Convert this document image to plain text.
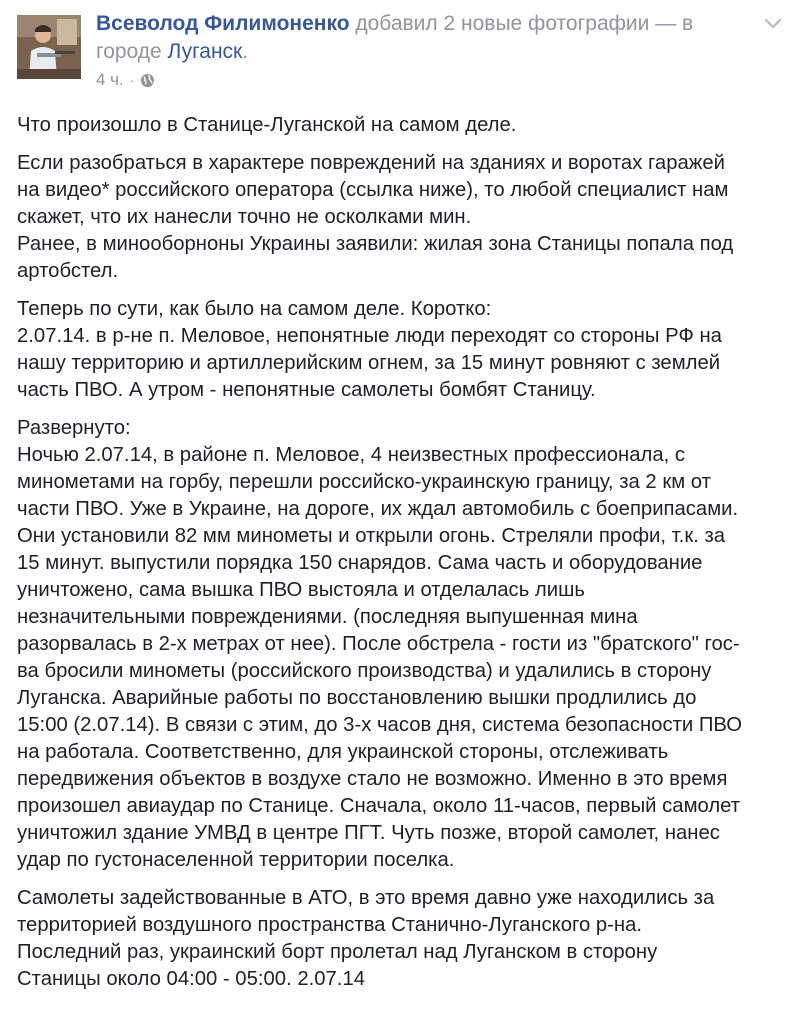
Всеволод Филимоненко добавил 2 новые фотографии — в городе Луганск.
4 ч. ·

Что произошло в Станице-Луганской на самом деле.

Если разобраться в характере повреждений на зданиях и воротах гаражей
на видео* российского оператора (ссылка ниже), то любой специалист нам
скажет, что их нанесли точно не осколками мин.
Ранее, в минооборноны Украины заявили: жилая зона Станицы попала под
артобстел.

Теперь по сути, как было на самом деле. Коротко:
2.07.14. в р-не п. Меловое, непонятные люди переходят со стороны РФ на
нашу территорию и артиллерийским огнем, за 15 минут ровняют с землей
часть ПВО. А утром - непонятные самолеты бомбят Станицу.

Развернуто:
Ночью 2.07.14, в районе п. Меловое, 4 неизвестных профессионала, с
минометами на горбу, перешли российско-украинскую границу, за 2 км от
части ПВО. Уже в Украине, на дороге, их ждал автомобиль с боеприпасами.
Они установили 82 мм минометы и открыли огонь. Стреляли профи, т.к. за
15 минут. выпустили порядка 150 снарядов. Сама часть и оборудование
уничтожено, сама вышка ПВО выстояла и отделалась лишь
незначительными повреждениями. (последняя выпушенная мина
разорвалась в 2-х метрах от нее). После обстрела - гости из "братского" гос-
ва бросили минометы (российского производства) и удалились в сторону
Луганска. Аварийные работы по восстановлению вышки продлились до
15:00 (2.07.14). В связи с этим, до 3-х часов дня, система безопасности ПВО
на работала. Соответственно, для украинской стороны, отслеживать
передвижения объектов в воздухе стало не возможно. Именно в это время
произошел авиаудар по Станице. Сначала, около 11-часов, первый самолет
уничтожил здание УМВД в центре ПГТ. Чуть позже, второй самолет, нанес
удар по густонаселенной территории поселка.

Самолеты задействованные в АТО, в это время давно уже находились за
территорией воздушного пространства Станично-Луганского р-на.
Последний раз, украинский борт пролетал над Луганском в сторону
Станицы около 04:00 - 05:00. 2.07.14
